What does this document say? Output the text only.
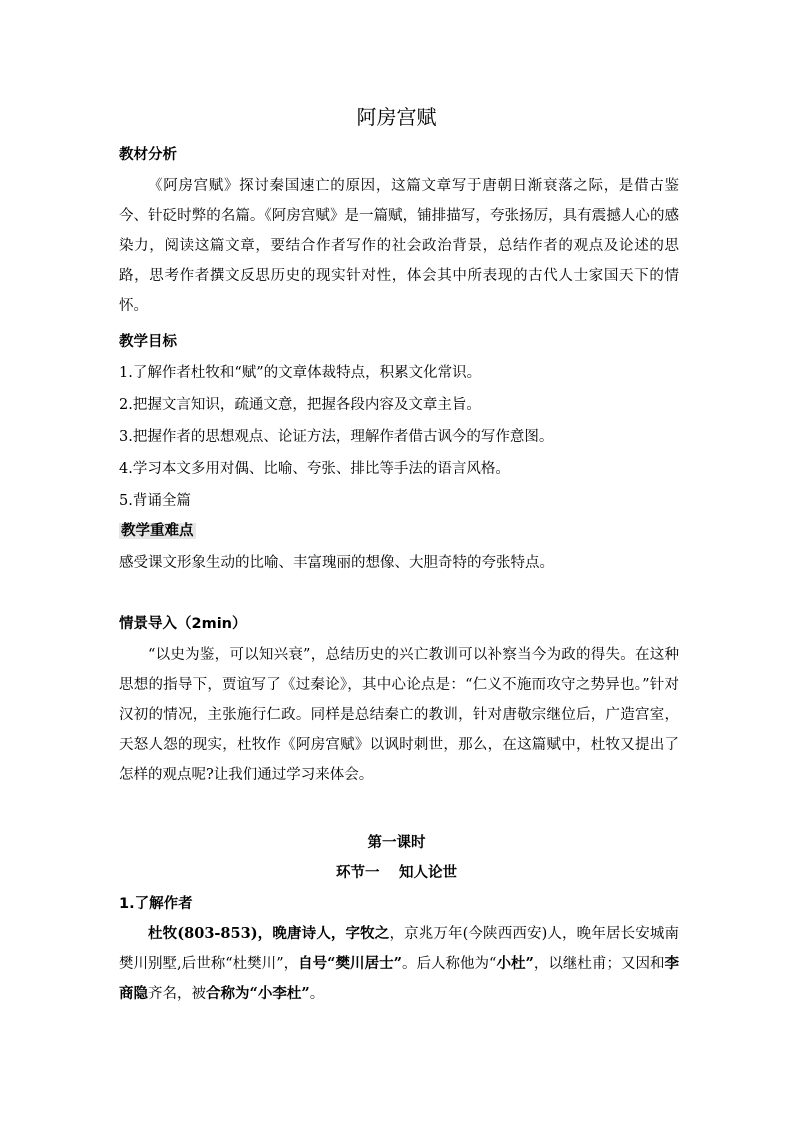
阿房宫赋
教材分析

《阿房宫赋》探讨秦国速亡的原因，这篇文章写于唐朝日渐衰落之际，是借古鉴今、针砭时弊的名篇。《阿房宫赋》是一篇赋，铺排描写，夸张扬厉，具有震撼人心的感染力，阅读这篇文章，要结合作者写作的社会政治背景，总结作者的观点及论述的思路，思考作者撰文反思历史的现实针对性，体会其中所表现的古代人士家国天下的情怀。

教学目标
1.了解作者杜牧和“赋”的文章体裁特点，积累文化常识。
2.把握文言知识，疏通文意，把握各段内容及文章主旨。
3.把握作者的思想观点、论证方法，理解作者借古讽今的写作意图。
4.学习本文多用对偶、比喻、夸张、排比等手法的语言风格。
5.背诵全篇
教学重难点
感受课文形象生动的比喻、丰富瑰丽的想像、大胆奇特的夸张特点。
情景导入（2min）

“以史为鉴，可以知兴衰”，总结历史的兴亡教训可以补察当今为政的得失。在这种思想的指导下，贾谊写了《过秦论》，其中心论点是：“仁义不施而攻守之势异也。”针对汉初的情况，主张施行仁政。同样是总结秦亡的教训，针对唐敬宗继位后，广造宫室，天怒人怨的现实，杜牧作《阿房宫赋》以讽时刺世，那么，在这篇赋中，杜牧又提出了怎样的观点呢?让我们通过学习来体会。

第一课时
环节一　 知人论世
1.了解作者

杜牧(803-853)，晚唐诗人，字牧之，京兆万年(今陕西西安)人，晚年居长安城南樊川别墅,后世称“杜樊川”，自号“樊川居士”。后人称他为“小杜”，以继杜甫；又因和李商隐齐名，被合称为“小李杜”。
